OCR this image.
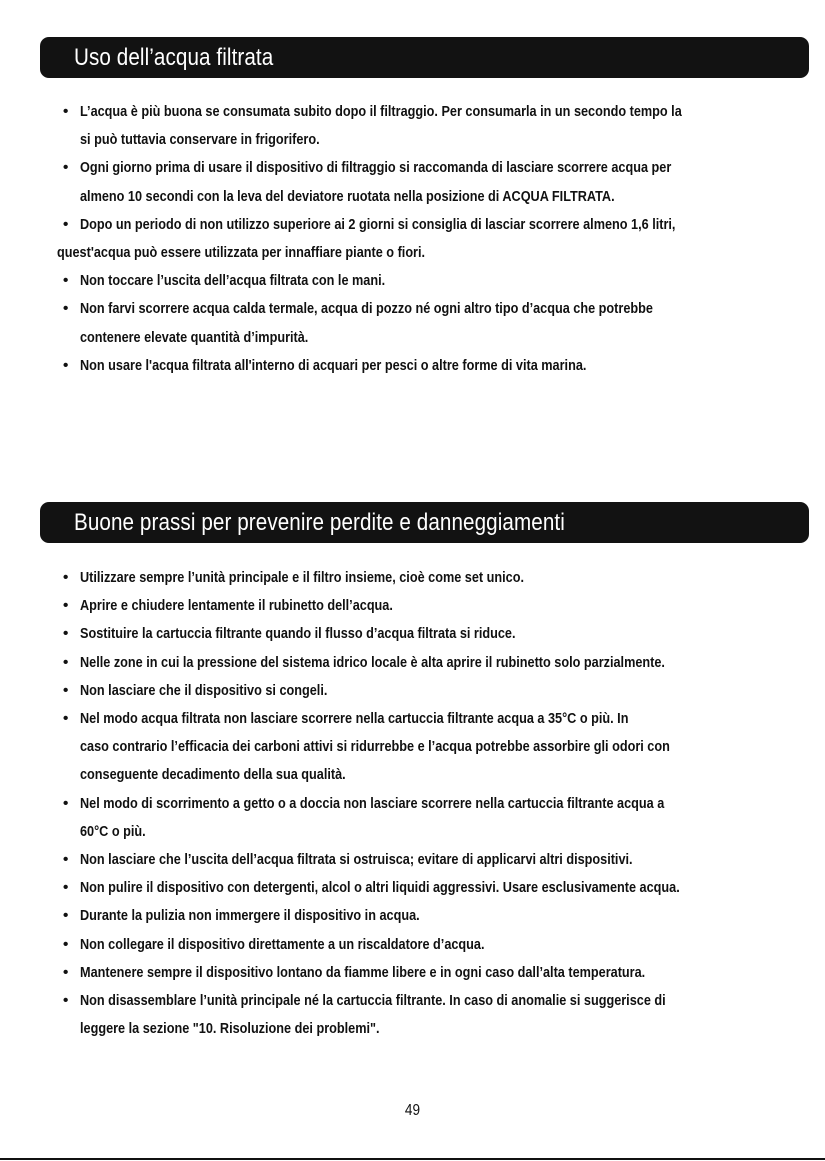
Uso dell’acqua filtrata
• L’acqua è più buona se consumata subito dopo il filtraggio. Per consumarla in un secondo tempo la
si può tuttavia conservare in frigorifero.
• Ogni giorno prima di usare il dispositivo di filtraggio si raccomanda di lasciare scorrere acqua per
almeno 10 secondi con la leva del deviatore ruotata nella posizione di ACQUA FILTRATA.
• Dopo un periodo di non utilizzo superiore ai 2 giorni si consiglia di lasciar scorrere almeno 1,6 litri,
quest'acqua può essere utilizzata per innaffiare piante o fiori.
• Non toccare l’uscita dell’acqua filtrata con le mani.
• Non farvi scorrere acqua calda termale, acqua di pozzo né ogni altro tipo d’acqua che potrebbe
contenere elevate quantità d’impurità.
• Non usare l'acqua filtrata all'interno di acquari per pesci o altre forme di vita marina.
Buone prassi per prevenire perdite e danneggiamenti
• Utilizzare sempre l’unità principale e il filtro insieme, cioè come set unico.
• Aprire e chiudere lentamente il rubinetto dell’acqua.
• Sostituire la cartuccia filtrante quando il flusso d’acqua filtrata si riduce.
• Nelle zone in cui la pressione del sistema idrico locale è alta aprire il rubinetto solo parzialmente.
• Non lasciare che il dispositivo si congeli.
• Nel modo acqua filtrata non lasciare scorrere nella cartuccia filtrante acqua a 35°C o più. In
caso contrario l’efficacia dei carboni attivi si ridurrebbe e l’acqua potrebbe assorbire gli odori con
conseguente decadimento della sua qualità.
• Nel modo di scorrimento a getto o a doccia non lasciare scorrere nella cartuccia filtrante acqua a
60°C o più.
• Non lasciare che l’uscita dell’acqua filtrata si ostruisca; evitare di applicarvi altri dispositivi.
• Non pulire il dispositivo con detergenti, alcol o altri liquidi aggressivi. Usare esclusivamente acqua.
• Durante la pulizia non immergere il dispositivo in acqua.
• Non collegare il dispositivo direttamente a un riscaldatore d’acqua.
• Mantenere sempre il dispositivo lontano da fiamme libere e in ogni caso dall’alta temperatura.
• Non disassemblare l’unità principale né la cartuccia filtrante. In caso di anomalie si suggerisce di
leggere la sezione "10. Risoluzione dei problemi".
49
